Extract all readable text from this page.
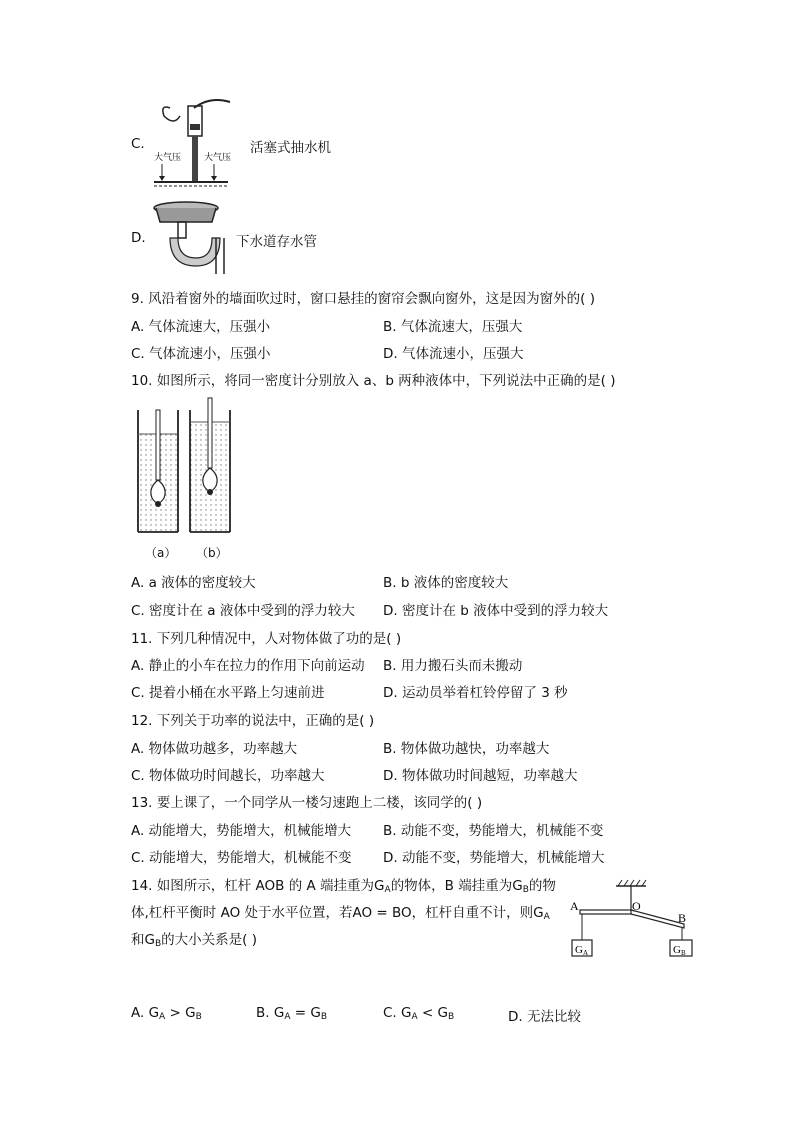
C.
大气压	大气压
活塞式抽水机
D.	下水道存水管
9. 风沿着窗外的墙面吹过时，窗口悬挂的窗帘会飘向窗外，这是因为窗外的( )
A. 气体流速大，压强小	B. 气体流速大，压强大
C. 气体流速小，压强小	D. 气体流速小，压强大
10. 如图所示，将同一密度计分别放入 a、b 两种液体中，下列说法中正确的是( )
（a） （b）
A. a 液体的密度较大	B. b 液体的密度较大
C. 密度计在 a 液体中受到的浮力较大 D. 密度计在 b 液体中受到的浮力较大
11. 下列几种情况中，人对物体做了功的是( )
A. 静止的小车在拉力的作用下向前运动 B. 用力搬石头而未搬动
C. 提着小桶在水平路上匀速前进	D. 运动员举着杠铃停留了 3 秒
12. 下列关于功率的说法中，正确的是( )
A. 物体做功越多，功率越大	B. 物体做功越快，功率越大
C. 物体做功时间越长，功率越大	D. 物体做功时间越短，功率越大
13. 要上课了，一个同学从一楼匀速跑上二楼，该同学的( )
A. 动能增大，势能增大，机械能增大 B. 动能不变，势能增大，机械能不变
C. 动能增大，势能增大，机械能不变 D. 动能不变，势能增大，机械能增大
14. 如图所示，杠杆 AOB 的 A 端挂重为$G_A$的物体，B 端挂重为$G_B$的物
体,杠杆平衡时 AO 处于水平位置，若AO = BO，杠杆自重不计，则$G_A$
和$G_B$的大小关系是( )
A	O
B
GA	GB
A. $G_A > G_B$	B. $G_A = G_B$	C. $G_A < G_B$	D. 无法比较
